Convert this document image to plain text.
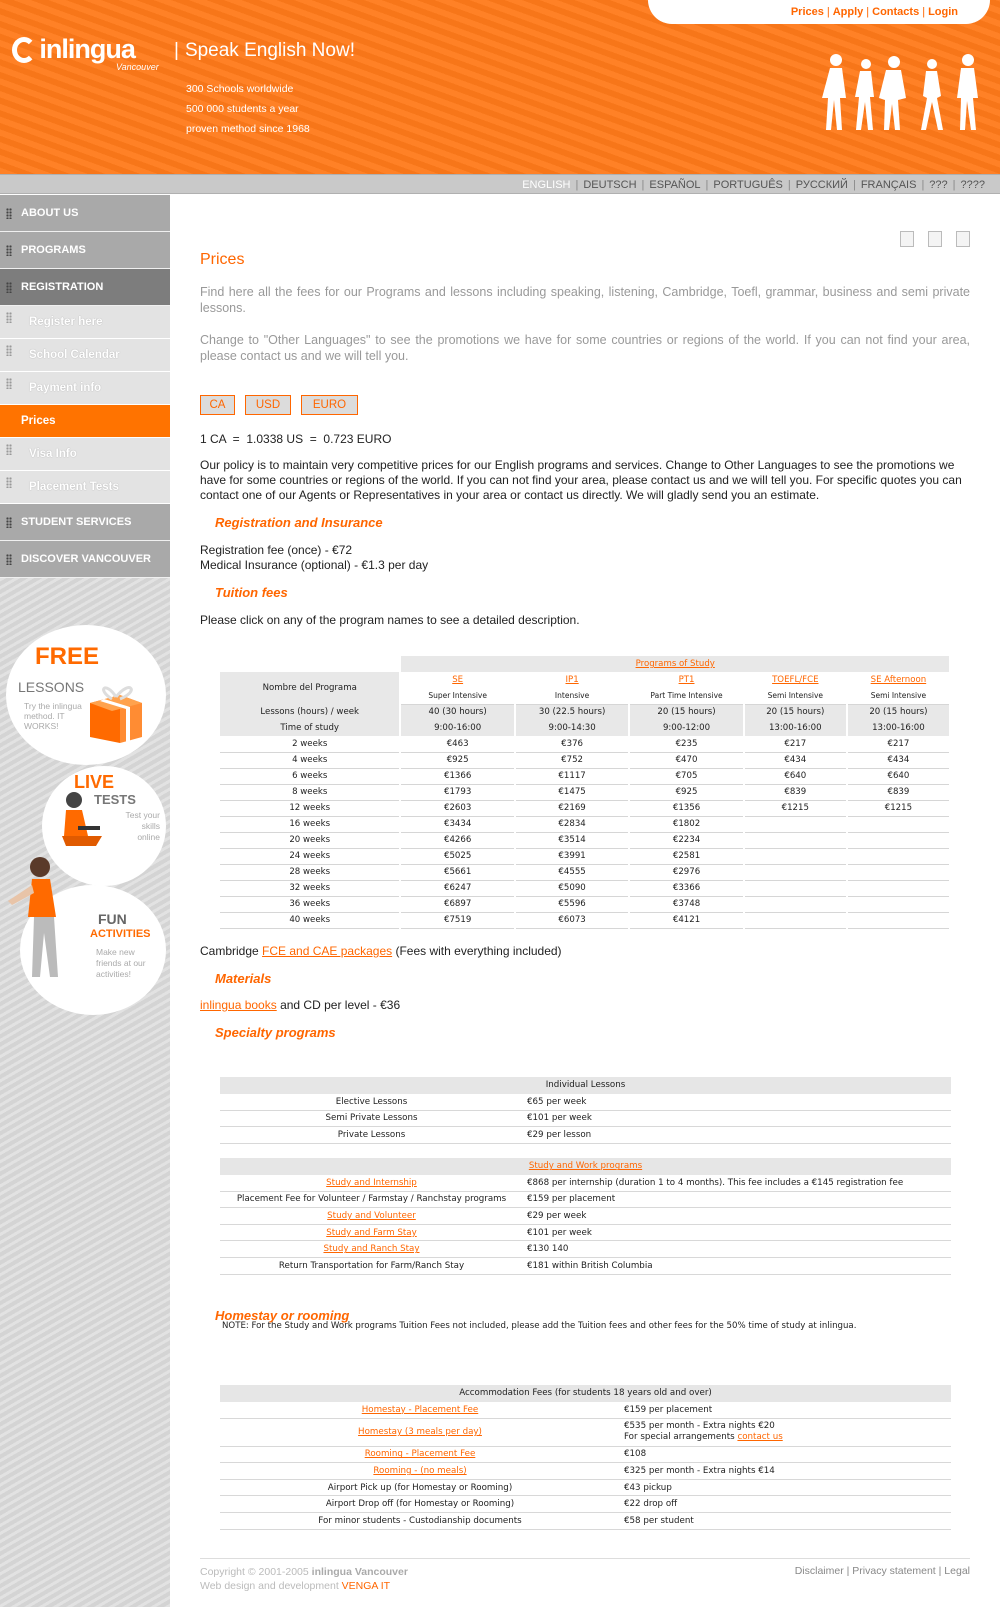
Prices | Apply | Contacts | Login
inlingua
Vancouver
| Speak English Now!
300 Schools worldwide
500 000 students a year
proven method since 1968
ENGLISH | DEUTSCH | ESPAÑOL | PORTUGUÊS | РУССКИЙ | FRANÇAIS | ??? | ????
ABOUT US
PROGRAMS
REGISTRATION
Register here
School Calendar
Payment info
Prices
Visa Info
Placement Tests
STUDENT SERVICES
DISCOVER VANCOUVER
FREE
LESSONS
Try the inlingua method. IT WORKS!
LIVE
TESTS
Test your skills online
FUN
ACTIVITIES
Make new friends at our activities!
Prices

Find here all the fees for our Programs and lessons including speaking, listening, Cambridge, Toefl, grammar, business and semi private lessons.

Change to "Other Languages" to see the promotions we have for some countries or regions of the world. If you can not find your area, please contact us and we will tell you.

CA	USD	EURO
1 CA  =  1.0338 US  =  0.723 EURO

Our policy is to maintain very competitive prices for our English programs and services. Change to Other Languages to see the promotions we have for some countries or regions of the world. If you can not find your area, please contact us and we will tell you. For specific quotes you can contact one of our Agents or Representatives in your area or contact us directly. We will gladly send you an estimate.

Registration and Insurance
Registration fee (once) - €72
Medical Insurance (optional) - €1.3 per day
Tuition fees
Please click on any of the program names to see a detailed description.
	Programs of Study				
Nombre del Programa	SE	IP1	PT1	TOEFL/FCE	SE Afternoon
	Super Intensive	Intensive	Part Time Intensive	Semi Intensive	Semi Intensive
Lessons (hours) / week	40 (30 hours)	30 (22.5 hours)	20 (15 hours)	20 (15 hours)	20 (15 hours)
Time of study	9:00-16:00	9:00-14:30	9:00-12:00	13:00-16:00	13:00-16:00
2 weeks	€463	€376	€235	€217	€217
4 weeks	€925	€752	€470	€434	€434
6 weeks	€1366	€1117	€705	€640	€640
8 weeks	€1793	€1475	€925	€839	€839
12 weeks	€2603	€2169	€1356	€1215	€1215
16 weeks	€3434	€2834	€1802		
20 weeks	€4266	€3514	€2234		
24 weeks	€5025	€3991	€2581		
28 weeks	€5661	€4555	€2976		
32 weeks	€6247	€5090	€3366		
36 weeks	€6897	€5596	€3748		
40 weeks	€7519	€6073	€4121		
Cambridge FCE and CAE packages (Fees with everything included)
Materials
inlingua books and CD per level - €36
Specialty programs
Individual Lessons	
Elective Lessons	€65 per week

Semi Private Lessons	€101 per week

Private Lessons	€29 per lesson
Study and Work programs	
Study and Internship	€868 per internship (duration 1 to 4 months). This fee includes a €145 registration fee

Placement Fee for Volunteer / Farmstay / Ranchstay programs	€159 per placement

Study and Volunteer	€29 per week

Study and Farm Stay	€101 per week

Study and Ranch Stay	€130 140

Return Transportation for Farm/Ranch Stay	€181 within British Columbia
NOTE: For the Study and Work programs Tuition Fees not included, please add the Tuition fees and other fees for the 50% time of study at inlingua.
Homestay or rooming
Accommodation Fees (for students 18 years old and over)	
Homestay - Placement Fee	€159 per placement

Homestay (3 meals per day)	€535 per month - Extra nights €20
For special arrangements contact us

Rooming - Placement Fee	€108

Rooming - (no meals)	€325 per month - Extra nights €14

Airport Pick up (for Homestay or Rooming)	€43 pickup

Airport Drop off (for Homestay or Rooming)	€22 drop off

For minor students - Custodianship documents	€58 per student
Copyright © 2001-2005 inlingua Vancouver
Web design and development VENGA IT
Disclaimer | Privacy statement | Legal
